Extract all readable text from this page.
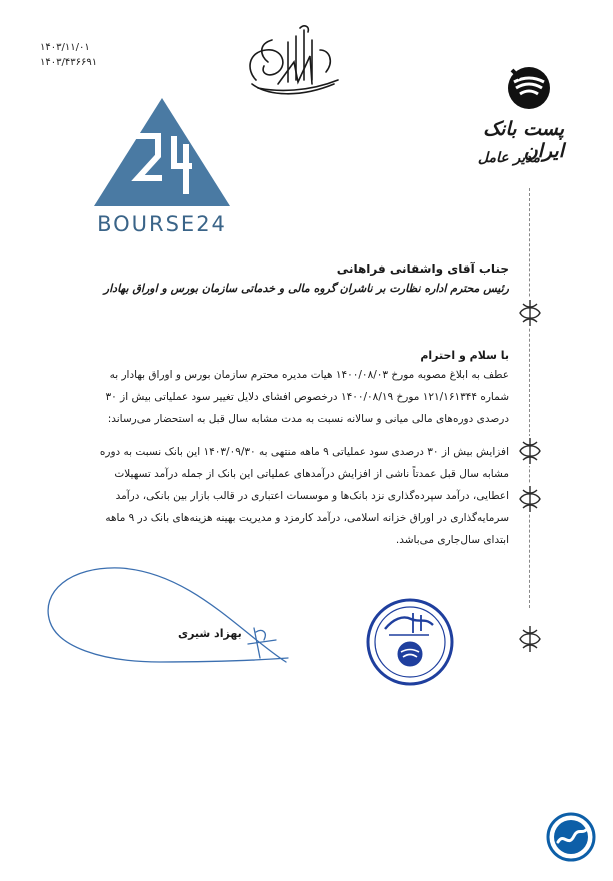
۱۴۰۳/۱۱/۰۱
۱۴۰۳/۴۳۶۶۹۱
پست بانک ایران
مدیر عامل
BOURSE24
جناب آقای واشقانی فراهانی
رئیس محترم اداره نظارت بر ناشران گروه مالی و خدماتی سازمان بورس و اوراق بهادار
با سلام و احترام
عطف به ابلاغ مصوبه مورخ ۱۴۰۰/۰۸/۰۳ هیات مدیره محترم سازمان بورس و اوراق بهادار به شماره ۱۲۱/۱۶۱۳۴۴ مورخ ۱۴۰۰/۰۸/۱۹ درخصوص افشای دلایل تغییر سود عملیاتی بیش از ۳۰ درصدی دوره‌های مالی میانی و سالانه نسبت به مدت مشابه سال قبل به استحضار می‌رساند:
افزایش بیش از ۳۰ درصدی سود عملیاتی ۹ ماهه منتهی به ۱۴۰۳/۰۹/۳۰ این بانک نسبت به دوره مشابه سال قبل عمدتاً ناشی از افزایش درآمدهای عملیاتی این بانک از جمله درآمد تسهیلات اعطایی، درآمد سپرده‌گذاری نزد بانک‌ها و موسسات اعتباری در قالب بازار بین بانکی، درآمد سرمایه‌گذاری در اوراق خزانه اسلامی، درآمد کارمزد و مدیریت بهینه هزینه‌های بانک در ۹ ماهه ابتدای سال‌جاری می‌باشد.
بهزاد شیری
